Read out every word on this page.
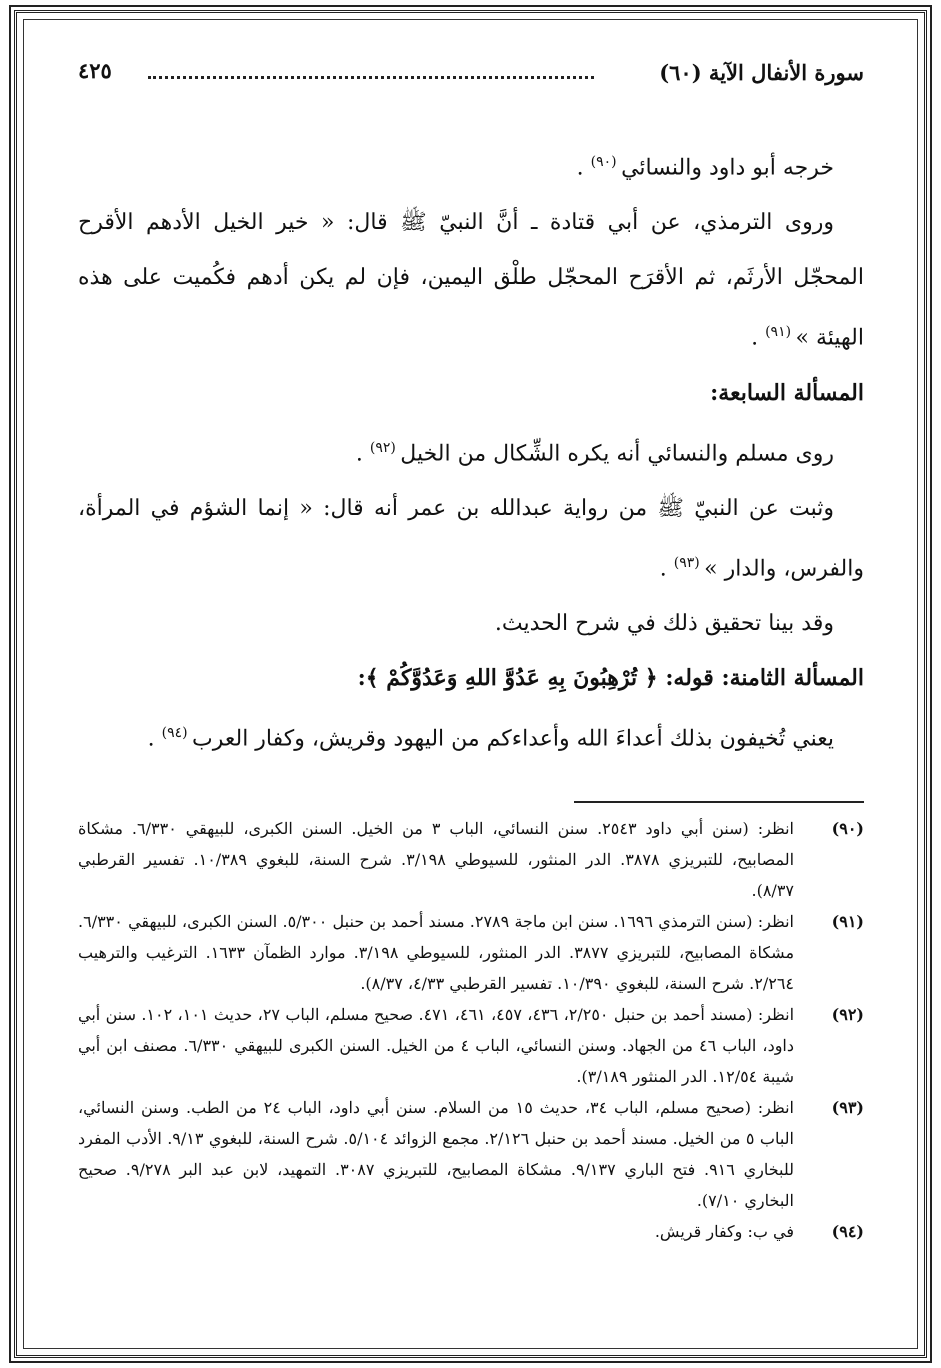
سورة الأنفال الآية (٦٠)
٤٢٥

خرجه أبو داود والنسائي $^{(٩٠)}$ .

وروى الترمذي، عن أبي قتادة ـ أنَّ النبيّ ﷺ قال: « خير الخيل الأدهم الأقرح المحجّل الأرثَم، ثم الأقرَح المحجّل طلْق اليمين، فإن لم يكن أدهم فكُميت على هذه الهيئة » $^{(٩١)}$ .

المسألة السابعة:

روى مسلم والنسائي أنه يكره الشِّكال من الخيل $^{(٩٢)}$ .

وثبت عن النبيّ ﷺ من رواية عبدالله بن عمر أنه قال: « إنما الشؤم في المرأة، والفرس، والدار » $^{(٩٣)}$ .

وقد بينا تحقيق ذلك في شرح الحديث.

المسألة الثامنة: قوله: ﴿ تُرْهِبُونَ بِهِ عَدُوَّ اللهِ وَعَدُوَّكُمْ ﴾:

يعني تُخيفون بذلك أعداءَ الله وأعداءكم من اليهود وقريش، وكفار العرب $^{(٩٤)}$ .

(٩٠)
انظر: (سنن أبي داود ٢٥٤٣. سنن النسائي، الباب ٣ من الخيل. السنن الكبرى، للبيهقي ٦/٣٣٠. مشكاة المصابيح، للتبريزي ٣٨٧٨. الدر المنثور، للسيوطي ٣/١٩٨. شرح السنة، للبغوي ١٠/٣٨٩. تفسير القرطبي ٨/٣٧).
(٩١)
انظر: (سنن الترمذي ١٦٩٦. سنن ابن ماجة ٢٧٨٩. مسند أحمد بن حنبل ٥/٣٠٠. السنن الكبرى، للبيهقي ٦/٣٣٠. مشكاة المصابيح، للتبريزي ٣٨٧٧. الدر المنثور، للسيوطي ٣/١٩٨. موارد الظمآن ١٦٣٣. الترغيب والترهيب ٢/٢٦٤. شرح السنة، للبغوي ١٠/٣٩٠. تفسير القرطبي ٤/٣٣، ٨/٣٧).
(٩٢)
انظر: (مسند أحمد بن حنبل ٢/٢٥٠، ٤٣٦، ٤٥٧، ٤٦١، ٤٧١. صحيح مسلم، الباب ٢٧، حديث ١٠١، ١٠٢. سنن أبي داود، الباب ٤٦ من الجهاد. وسنن النسائي، الباب ٤ من الخيل. السنن الكبرى للبيهقي ٦/٣٣٠. مصنف ابن أبي شيبة ١٢/٥٤. الدر المنثور ٣/١٨٩).
(٩٣)
انظر: (صحيح مسلم، الباب ٣٤، حديث ١٥ من السلام. سنن أبي داود، الباب ٢٤ من الطب. وسنن النسائي، الباب ٥ من الخيل. مسند أحمد بن حنبل ٢/١٢٦. مجمع الزوائد ٥/١٠٤. شرح السنة، للبغوي ٩/١٣. الأدب المفرد للبخاري ٩١٦. فتح الباري ٩/١٣٧. مشكاة المصابيح، للتبريزي ٣٠٨٧. التمهيد، لابن عبد البر ٩/٢٧٨. صحيح البخاري ٧/١٠).
(٩٤)
في ب: وكفار قريش.
